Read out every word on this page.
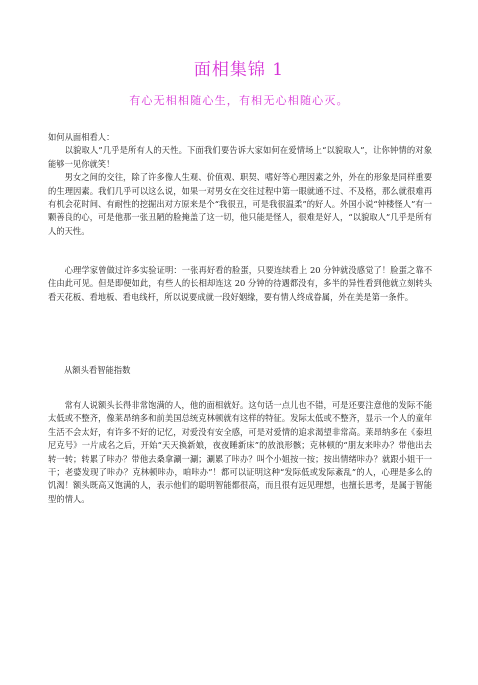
面相集锦 1
有心无相相随心生，有相无心相随心灭。

如何从面相看人：

以貌取人”几乎是所有人的天性。下面我们要告诉大家如何在爱情场上“以貌取人”，让你钟情的对象能够一见你就笑！

男女之间的交往，除了许多像人生观、价值观、职契、嗜好等心理因素之外，外在的形象是同样重要的生理因素。我们几乎可以这么说，如果一对男女在交往过程中第一眼就通不过、不及格，那么就很难再有机会花时间、有耐性的挖掘出对方原来是个“我很丑，可是我很温柔”的好人。外国小说“钟楼怪人”有一颗善良的心，可是他那一张丑陋的脸掩盖了这一切，他只能是怪人，很难是好人，“以貌取人”几乎是所有人的天性。

心理学家曾做过许多实验证明：一张再好看的脸蛋，只要连续看上 20 分钟就没感觉了！脸蛋之靠不住由此可见。但是即便如此，有些人的长相却连这 20 分钟的待遇都没有，多半的异性看到他就立刻转头看天花板、看地板、看电线杆，所以说要成就一段好姻缘，要有情人终成眷属，外在美是第一条件。

从额头看智能指数

常有人说额头长得非常饱满的人，他的面相就好。这句话一点儿也不错，可是还要注意他的发际不能太低或不整齐，像莱昂纳多和前美国总统克林顿就有这样的特征。发际太低或不整齐，显示一个人的童年生活不会太好，有许多不好的记忆，对爱没有安全感，可是对爱情的追求渴望非常高。莱昂纳多在《泰坦尼克号》一片成名之后，开始“天天换新娘，夜夜睡新床”的放浪形骸；克林顿的“朋友来咔办？带他出去转一转；转累了咔办？带他去桑拿涮一涮；涮累了咔办？叫个小姐按一按；按出情绪咔办？就跟小姐干一干；老婆发现了咔办？克林顿咔办，咱咔办”！都可以证明这种“发际低或发际紊乱”的人，心理是多么的饥渴！额头既高又饱满的人，表示他们的聪明智能都很高，而且很有远见理想，也擅长思考，是属于智能型的情人。
